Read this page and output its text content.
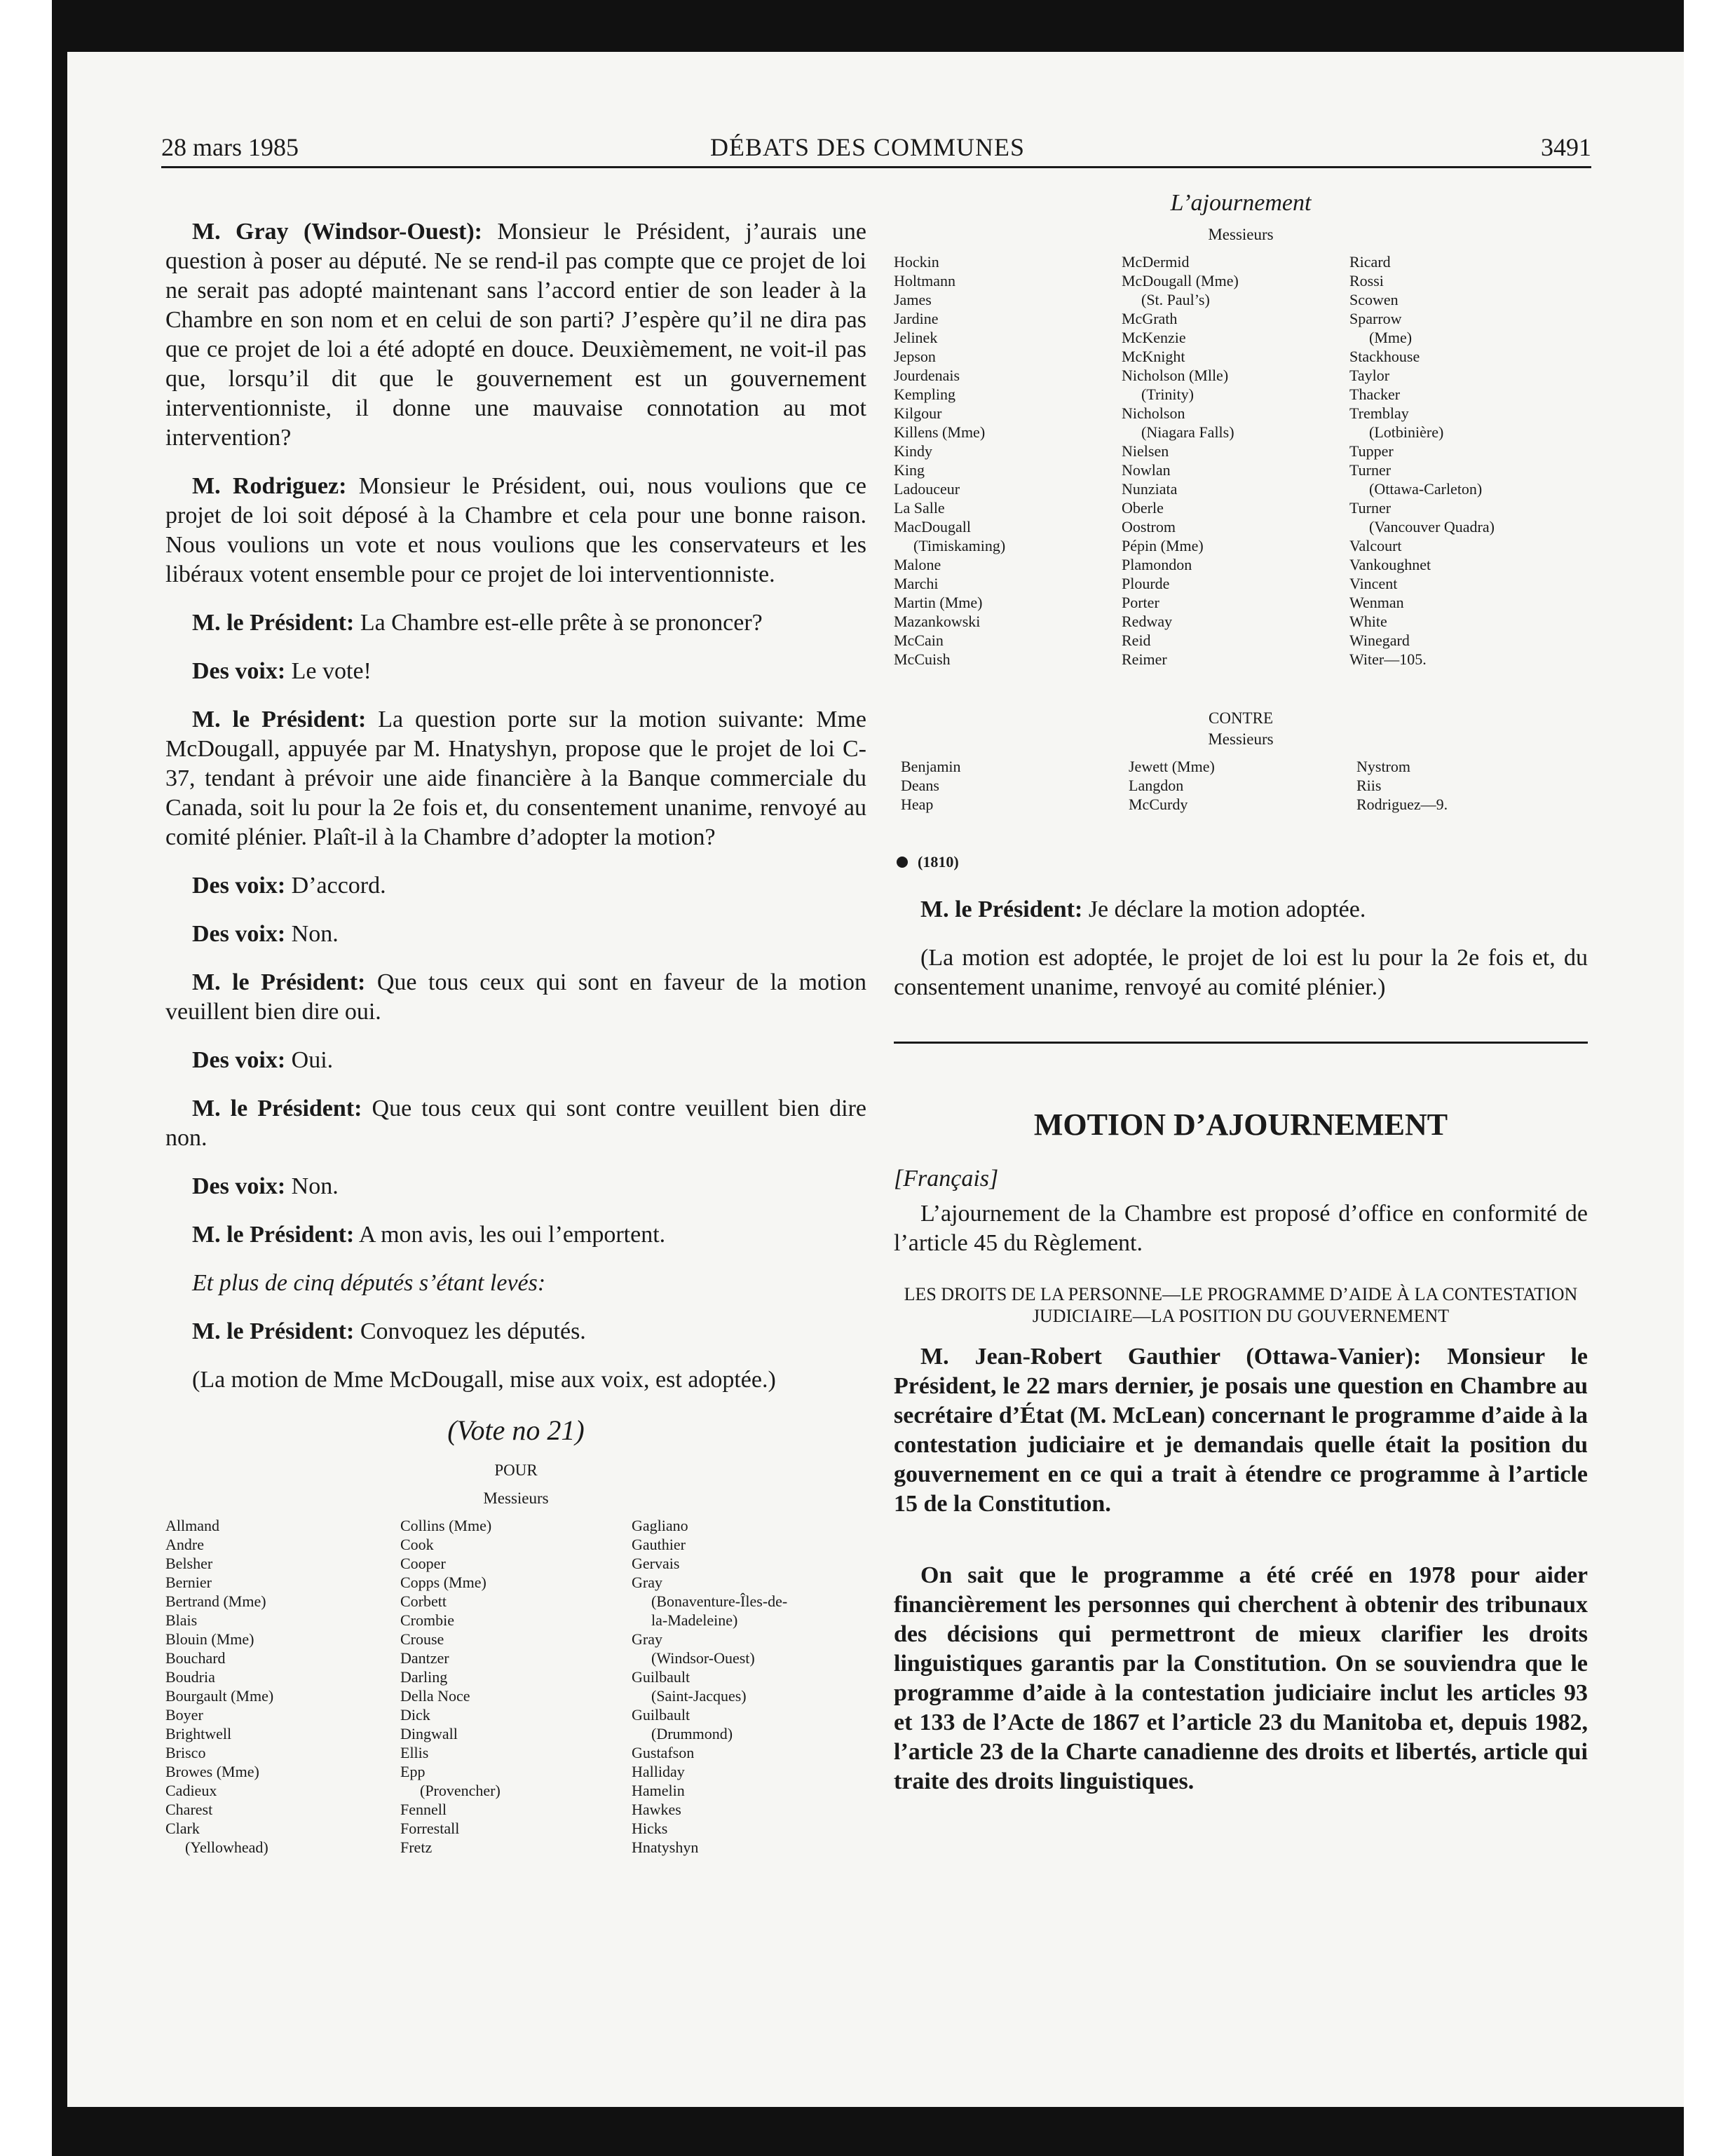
28 mars 1985	DÉBATS DES COMMUNES	3491

M. Gray (Windsor-Ouest): Monsieur le Président, j’aurais une question à poser au député. Ne se rend-il pas compte que ce projet de loi ne serait pas adopté maintenant sans l’accord entier de son leader à la Chambre en son nom et en celui de son parti? J’espère qu’il ne dira pas que ce projet de loi a été adopté en douce. Deuxièmement, ne voit-il pas que, lorsqu’il dit que le gouvernement est un gouvernement interventionniste, il donne une mauvaise connotation au mot intervention?

M. Rodriguez: Monsieur le Président, oui, nous voulions que ce projet de loi soit déposé à la Chambre et cela pour une bonne raison. Nous voulions un vote et nous voulions que les conservateurs et les libéraux votent ensemble pour ce projet de loi interventionniste.

M. le Président: La Chambre est-elle prête à se prononcer?

Des voix: Le vote!

M. le Président: La question porte sur la motion suivante: Mme McDougall, appuyée par M. Hnatyshyn, propose que le projet de loi C-37, tendant à prévoir une aide financière à la Banque commerciale du Canada, soit lu pour la 2e fois et, du consentement unanime, renvoyé au comité plénier. Plaît-il à la Chambre d’adopter la motion?

Des voix: D’accord.

Des voix: Non.

M. le Président: Que tous ceux qui sont en faveur de la motion veuillent bien dire oui.

Des voix: Oui.

M. le Président: Que tous ceux qui sont contre veuillent bien dire non.

Des voix: Non.

M. le Président: A mon avis, les oui l’emportent.

Et plus de cinq députés s’étant levés:

M. le Président: Convoquez les députés.

(La motion de Mme McDougall, mise aux voix, est adoptée.)

(Vote no 21)
POUR
Messieurs
Allmand
Andre
Belsher
Bernier
Bertrand (Mme)
Blais
Blouin (Mme)
Bouchard
Boudria
Bourgault (Mme)
Boyer
Brightwell
Brisco
Browes (Mme)
Cadieux
Charest
Clark
(Yellowhead)
Collins (Mme)
Cook
Cooper
Copps (Mme)
Corbett
Crombie
Crouse
Dantzer
Darling
Della Noce
Dick
Dingwall
Ellis
Epp
(Provencher)
Fennell
Forrestall
Fretz
Gagliano
Gauthier
Gervais
Gray
(Bonaventure-Îles-de-
la-Madeleine)
Gray
(Windsor-Ouest)
Guilbault
(Saint-Jacques)
Guilbault
(Drummond)
Gustafson
Halliday
Hamelin
Hawkes
Hicks
Hnatyshyn
L’ajournement
Messieurs
Hockin
Holtmann
James
Jardine
Jelinek
Jepson
Jourdenais
Kempling
Kilgour
Killens (Mme)
Kindy
King
Ladouceur
La Salle
MacDougall
(Timiskaming)
Malone
Marchi
Martin (Mme)
Mazankowski
McCain
McCuish
McDermid
McDougall (Mme)
(St. Paul’s)
McGrath
McKenzie
McKnight
Nicholson (Mlle)
(Trinity)
Nicholson
(Niagara Falls)
Nielsen
Nowlan
Nunziata
Oberle
Oostrom
Pépin (Mme)
Plamondon
Plourde
Porter
Redway
Reid
Reimer
Ricard
Rossi
Scowen
Sparrow
(Mme)
Stackhouse
Taylor
Thacker
Tremblay
(Lotbinière)
Tupper
Turner
(Ottawa-Carleton)
Turner
(Vancouver Quadra)
Valcourt
Vankoughnet
Vincent
Wenman
White
Winegard
Witer—105.
CONTRE
Messieurs
Benjamin
Deans
Heap
Jewett (Mme)
Langdon
McCurdy
Nystrom
Riis
Rodriguez—9.
(1810)

M. le Président: Je déclare la motion adoptée.

(La motion est adoptée, le projet de loi est lu pour la 2e fois et, du consentement unanime, renvoyé au comité plénier.)

MOTION D’AJOURNEMENT
[Français]

L’ajournement de la Chambre est proposé d’office en conformité de l’article 45 du Règlement.

LES DROITS DE LA PERSONNE—LE PROGRAMME D’AIDE À LA CONTESTATION JUDICIAIRE—LA POSITION DU GOUVERNEMENT

M. Jean-Robert Gauthier (Ottawa-Vanier): Monsieur le Président, le 22 mars dernier, je posais une question en Chambre au secrétaire d’État (M. McLean) concernant le programme d’aide à la contestation judiciaire et je demandais quelle était la position du gouvernement en ce qui a trait à étendre ce programme à l’article 15 de la Constitution.

On sait que le programme a été créé en 1978 pour aider financièrement les personnes qui cherchent à obtenir des tribunaux des décisions qui permettront de mieux clarifier les droits linguistiques garantis par la Constitution. On se souviendra que le programme d’aide à la contestation judiciaire inclut les articles 93 et 133 de l’Acte de 1867 et l’article 23 du Manitoba et, depuis 1982, l’article 23 de la Charte canadienne des droits et libertés, article qui traite des droits linguistiques.
